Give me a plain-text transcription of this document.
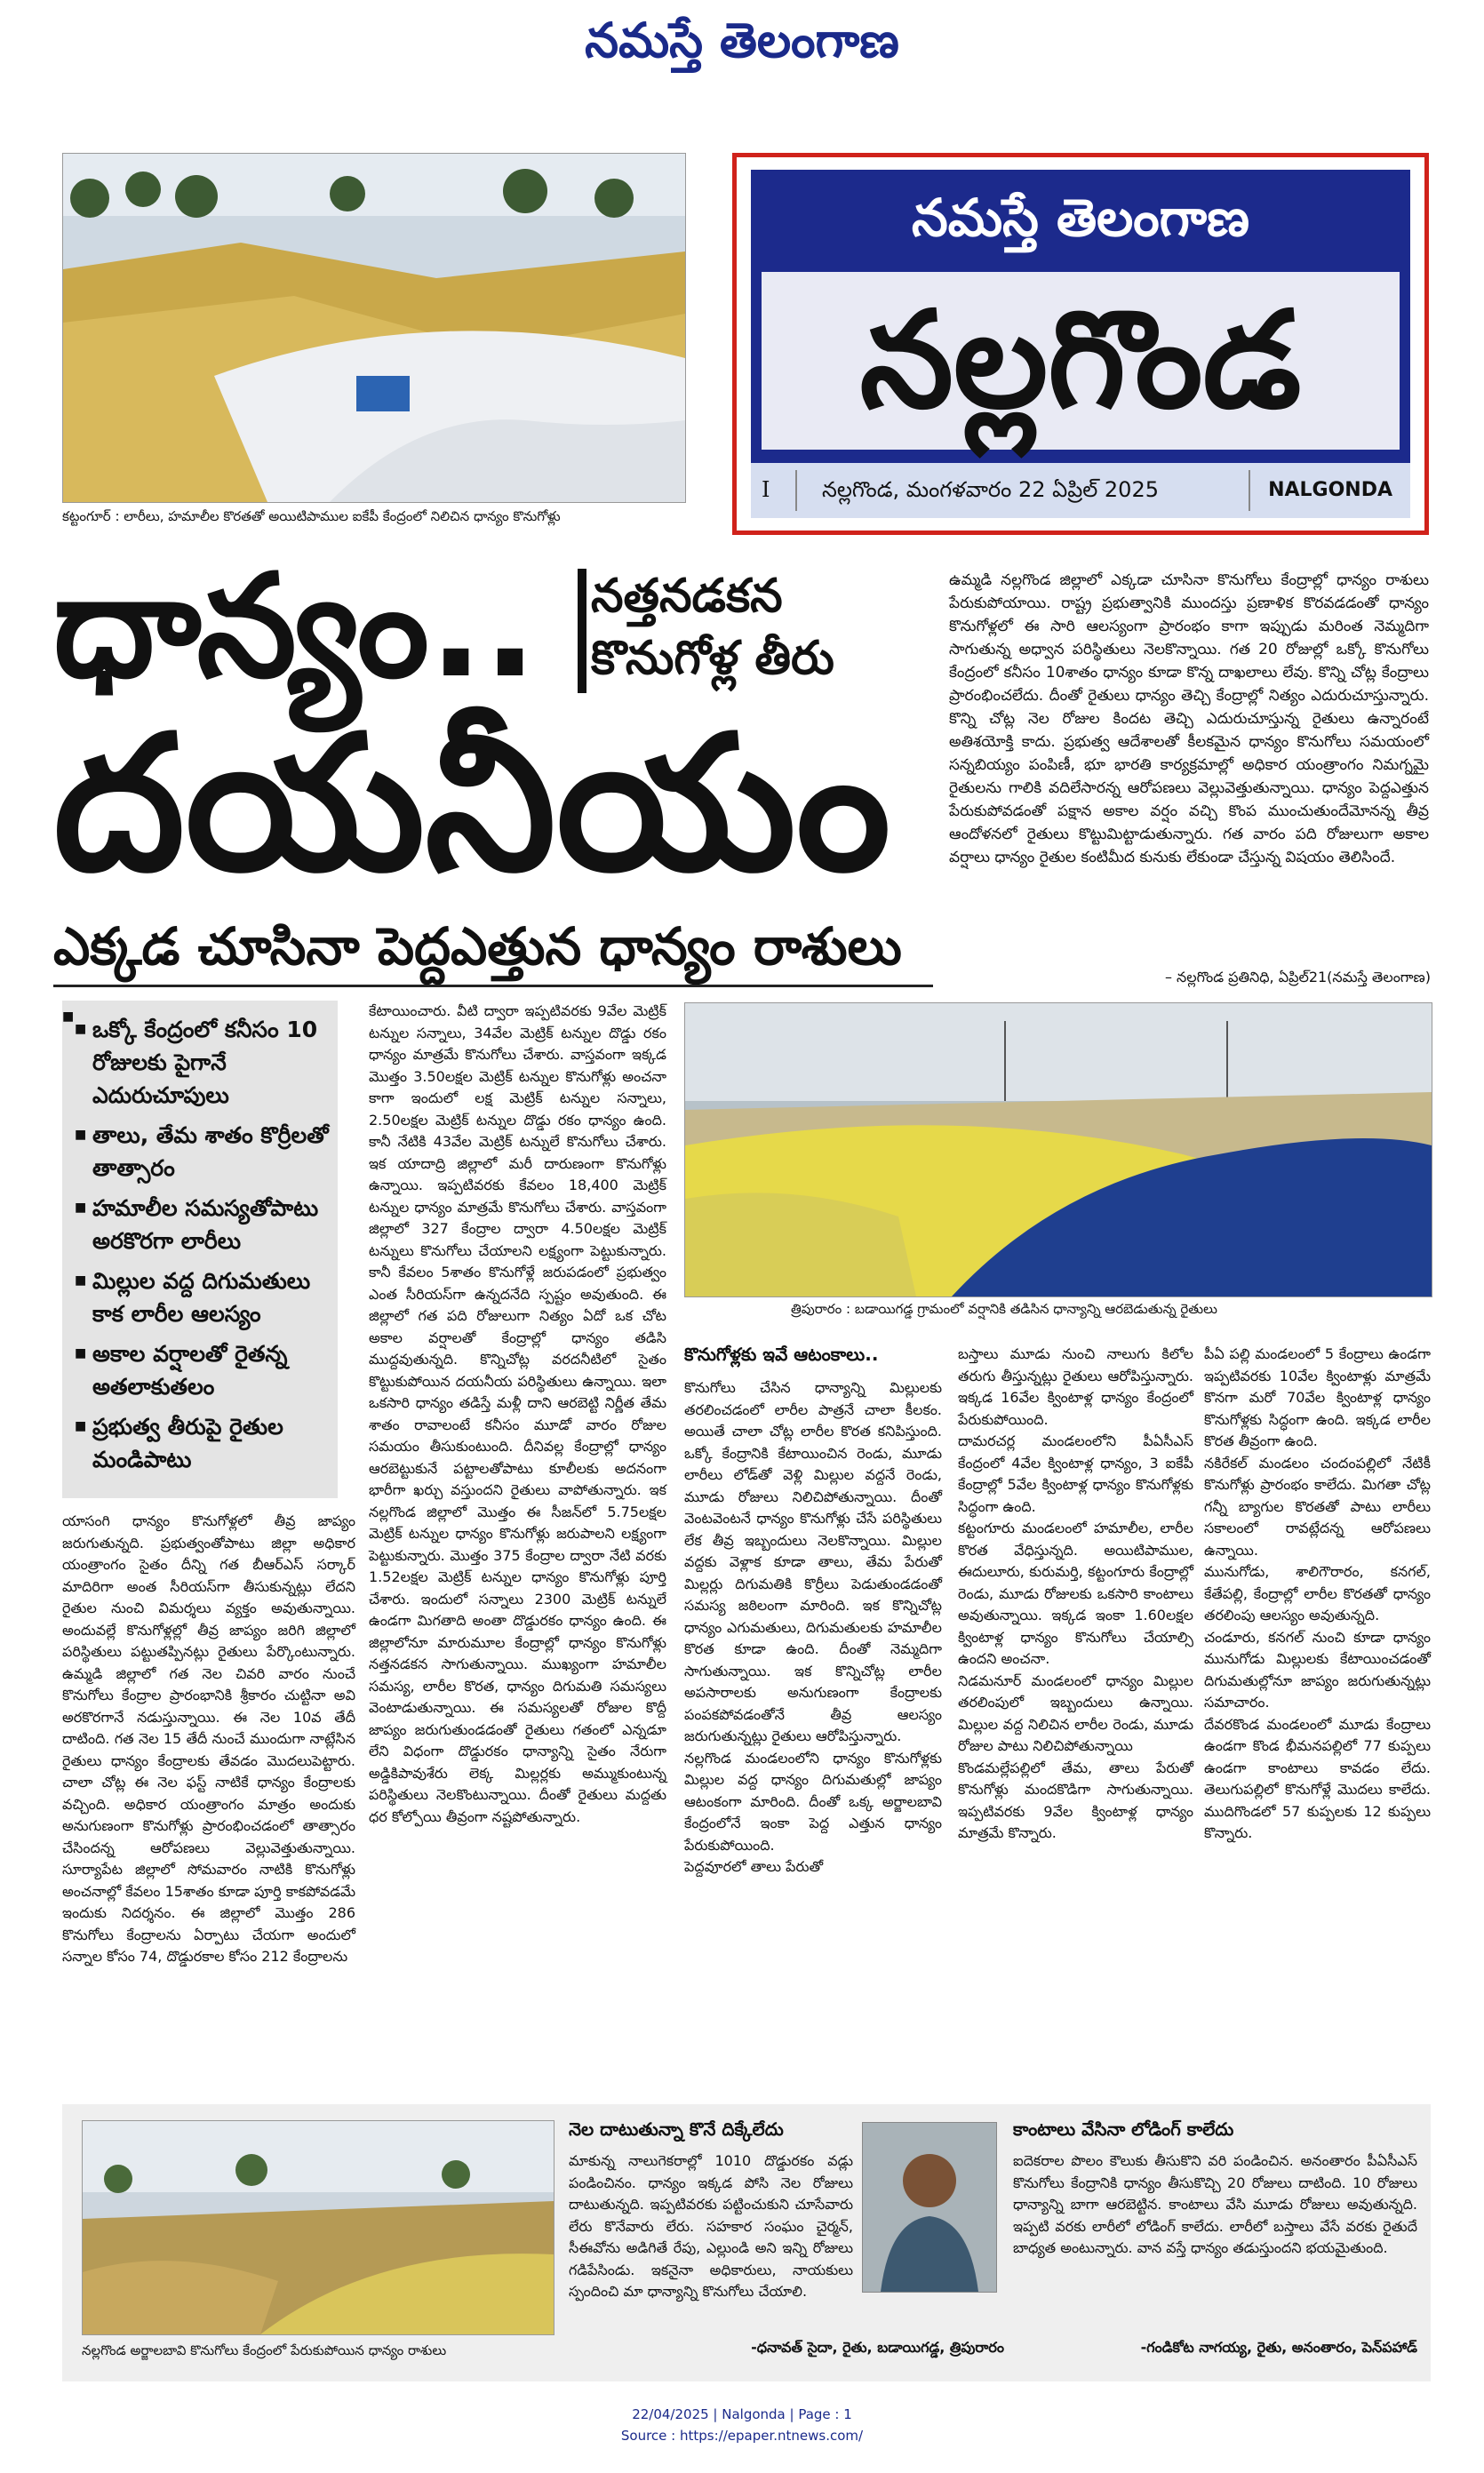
నమస్తే తెలంగాణ
కట్టంగూర్ : లారీలు, హమాలీల కొరతతో అయిటిపాముల ఐకేపీ కేంద్రంలో నిలిచిన ధాన్యం కొనుగోళ్లు
నమస్తే తెలంగాణ
నల్లగొండ
I నల్లగొండ, మంగళవారం 22 ఏప్రిల్ 2025	NALGONDA
ధాన్యం.. నత్తనడకన
కొనుగోళ్ల తీరు
దయనీయం
ఎక్కడ చూసినా పెద్దఎత్తున ధాన్యం రాశులు
ఉమ్మడి నల్లగొండ జిల్లాలో ఎక్కడా చూసినా కొనుగోలు కేంద్రాల్లో ధాన్యం రాశులు పేరుకుపోయాయి. రాష్ట్ర ప్రభుత్వానికి ముందస్తు ప్రణాళిక కొరవడడంతో ధాన్యం కొనుగోళ్లలో ఈ సారి ఆలస్యంగా ప్రారంభం కాగా ఇప్పుడు మరింత నెమ్మదిగా సాగుతున్న అధ్వాన పరిస్థితులు నెలకొన్నాయి. గత 20 రోజుల్లో ఒక్కో కొనుగోలు కేంద్రంలో కనీసం 10శాతం ధాన్యం కూడా కొన్న దాఖలాలు లేవు. కొన్ని చోట్ల కేంద్రాలు ప్రారంభించలేదు. దీంతో రైతులు ధాన్యం తెచ్చి కేంద్రాల్లో నిత్యం ఎదురుచూస్తున్నారు. కొన్ని చోట్ల నెల రోజుల కిందట తెచ్చి ఎదురుచూస్తున్న రైతులు ఉన్నారంటే అతిశయోక్తి కాదు. ప్రభుత్వ ఆదేశాలతో కీలకమైన ధాన్యం కొనుగోలు సమయంలో సన్నబియ్యం పంపిణీ, భూ భారతి కార్యక్రమాల్లో అధికార యంత్రాంగం నిమగ్నమై రైతులను గాలికి వదిలేసారన్న ఆరోపణలు వెల్లువెత్తుతున్నాయి. ధాన్యం పెద్దఎత్తున పేరుకుపోవడంతో పక్షాన అకాల వర్షం వచ్చి కొంప ముంచుతుందేమోనన్న తీవ్ర ఆందోళనలో రైతులు కొట్టుమిట్టాడుతున్నారు. గత వారం పది రోజులుగా అకాల వర్షాలు ధాన్యం రైతుల కంటిమీద కునుకు లేకుండా చేస్తున్న విషయం తెలిసిందే.
– నల్లగొండ ప్రతినిధి, ఏప్రిల్21(నమస్తే తెలంగాణ)
■
■ ఒక్కో కేంద్రంలో కనీసం 10 రోజులకు పైగానే ఎదురుచూపులు
■ తాలు, తేమ శాతం కొర్రీలతో తాత్సారం
■ హమాలీల సమస్యతోపాటు అరకొరగా లారీలు
■ మిల్లుల వద్ద దిగుమతులు కాక లారీల ఆలస్యం
■ అకాల వర్షాలతో రైతన్న అతలాకుతలం
■ ప్రభుత్వ తీరుపై రైతుల మండిపాటు
యాసంగి ధాన్యం కొనుగోళ్లలో తీవ్ర జాప్యం జరుగుతున్నది. ప్రభుత్వంతోపాటు జిల్లా అధికార యంత్రాంగం సైతం దీన్ని గత బీఆర్‌ఎస్‌ సర్కార్‌ మాదిరిగా అంత సీరియస్‌గా తీసుకున్నట్లు లేదని రైతుల నుంచి విమర్శలు వ్యక్తం అవుతున్నాయి. అందువల్లే కొనుగోళ్లల్లో తీవ్ర జాప్యం జరిగి జిల్లాలో పరిస్థితులు పట్టుతప్పినట్లు రైతులు పేర్కొంటున్నారు. ఉమ్మడి జిల్లాలో గత నెల చివరి వారం నుంచే కొనుగోలు కేంద్రాల ప్రారంభానికి శ్రీకారం చుట్టినా అవి అరకొరగానే నడుస్తున్నాయి. ఈ నెల 10వ తేదీ దాటింది. గత నెల 15 తేదీ నుంచే ముందుగా నాట్లేసిన రైతులు ధాన్యం కేంద్రాలకు తేవడం మొదలుపెట్టారు. చాలా చోట్ల ఈ నెల ఫస్ట్‌ నాటికే ధాన్యం కేంద్రాలకు వచ్చింది. అధికార యంత్రాంగం మాత్రం అందుకు అనుగుణంగా కొనుగోళ్లు ప్రారంభించడంలో తాత్సారం చేసిందన్న ఆరోపణలు వెల్లువెత్తుతున్నాయి. సూర్యాపేట జిల్లాలో సోమవారం నాటికి కొనుగోళ్లు అంచనాల్లో కేవలం 15శాతం కూడా పూర్తి కాకపోవడమే ఇందుకు నిదర్శనం. ఈ జిల్లాలో మొత్తం 286 కొనుగోలు కేంద్రాలను ఏర్పాటు చేయగా అందులో సన్నాల కోసం 74, దొడ్డురకాల కోసం 212 కేంద్రాలను
కేటాయించారు. వీటి ద్వారా ఇప్పటివరకు 9వేల మెట్రిక్‌ టన్నుల సన్నాలు, 34వేల మెట్రిక్‌ టన్నుల దొడ్డు రకం ధాన్యం మాత్రమే కొనుగోలు చేశారు. వాస్తవంగా ఇక్కడ మొత్తం 3.50లక్షల మెట్రిక్‌ టన్నుల కొనుగోళ్లు అంచనా కాగా ఇందులో లక్ష మెట్రిక్‌ టన్నుల సన్నాలు, 2.50లక్షల మెట్రిక్‌ టన్నుల దొడ్డు రకం ధాన్యం ఉంది. కానీ నేటికి 43వేల మెట్రిక్‌ టన్నులే కొనుగోలు చేశారు. ఇక యాదాద్రి జిల్లాలో మరీ దారుణంగా కొనుగోళ్లు ఉన్నాయి. ఇప్పటివరకు కేవలం 18,400 మెట్రిక్‌ టన్నుల ధాన్యం మాత్రమే కొనుగోలు చేశారు. వాస్తవంగా జిల్లాలో 327 కేంద్రాల ద్వారా 4.50లక్షల మెట్రిక్‌ టన్నులు కొనుగోలు చేయాలని లక్ష్యంగా పెట్టుకున్నారు. కానీ కేవలం 5శాతం కొనుగోళ్లే జరుపడంలో ప్రభుత్వం ఎంత సీరియస్‌గా ఉన్నదనేది స్పష్టం అవుతుంది. ఈ జిల్లాలో గత పది రోజులుగా నిత్యం ఏదో ఒక చోట అకాల వర్షాలతో కేంద్రాల్లో ధాన్యం తడిసి ముద్దవుతున్నది. కొన్నిచోట్ల వరదనీటిలో సైతం కొట్టుకుపోయిన దయనీయ పరిస్థితులు ఉన్నాయి. ఇలా ఒకసారి ధాన్యం తడిస్తే మళ్లీ దాని ఆరబెట్టి నిర్ణీత తేమ శాతం రావాలంటే కనీసం మూడో వారం రోజుల సమయం తీసుకుంటుంది. దీనివల్ల కేంద్రాల్లో ధాన్యం ఆరబెట్టుకునే పట్టాలతోపాటు కూలీలకు అదనంగా భారీగా ఖర్చు వస్తుందని రైతులు వాపోతున్నారు. ఇక నల్లగొండ జిల్లాలో మొత్తం ఈ సీజన్‌లో 5.75లక్షల మెట్రిక్‌ టన్నుల ధాన్యం కొనుగోళ్లు జరుపాలని లక్ష్యంగా పెట్టుకున్నారు. మొత్తం 375 కేంద్రాల ద్వారా నేటి వరకు 1.52లక్షల మెట్రిక్‌ టన్నుల ధాన్యం కొనుగోళ్లు పూర్తి చేశారు. ఇందులో సన్నాలు 2300 మెట్రిక్‌ టన్నులే ఉండగా మిగతాది అంతా దొడ్డురకం ధాన్యం ఉంది. ఈ జిల్లాలోనూ మారుమూల కేంద్రాల్లో ధాన్యం కొనుగోళ్లు నత్తనడకన సాగుతున్నాయి. ముఖ్యంగా హమాలీల సమస్య, లారీల కొరత, ధాన్యం దిగుమతి సమస్యలు వెంటాడుతున్నాయి. ఈ సమస్యలతో రోజుల కొద్దీ జాప్యం జరుగుతుండడంతో రైతులు గతంలో ఎన్నడూ లేని విధంగా దొడ్డురకం ధాన్యాన్ని సైతం నేరుగా అడ్డికిపావుశేరు లెక్క మిల్లర్లకు అమ్ముకుంటున్న పరిస్థితులు నెలకొంటున్నాయి. దీంతో రైతులు మద్దతు ధర కోల్పోయి తీవ్రంగా నష్టపోతున్నారు.
త్రిపురారం : బడాయిగడ్డ గ్రామంలో వర్షానికి తడిసిన ధాన్యాన్ని ఆరబెడుతున్న రైతులు
కొనుగోళ్లకు ఇవే ఆటంకాలు..
కొనుగోలు చేసిన ధాన్యాన్ని మిల్లులకు తరలించడంలో లారీల పాత్రనే చాలా కీలకం. అయితే చాలా చోట్ల లారీల కొరత కనిపిస్తుంది. ఒక్కో కేంద్రానికి కేటాయించిన రెండు, మూడు లారీలు లోడ్‌తో వెళ్లి మిల్లుల వద్దనే రెండు, మూడు రోజులు నిలిచిపోతున్నాయి. దీంతో వెంటవెంటనే ధాన్యం కొనుగోళ్లు చేసే పరిస్థితులు లేక తీవ్ర ఇబ్బందులు నెలకొన్నాయి. మిల్లుల వద్దకు వెళ్లాక కూడా తాలు, తేమ పేరుతో మిల్లర్లు దిగుమతికి కొర్రీలు పెడుతుండడంతో సమస్య జఠిలంగా మారింది. ఇక కొన్నిచోట్ల ధాన్యం ఎగుమతులు, దిగుమతులకు హమాలీల కొరత కూడా ఉంది. దీంతో నెమ్మదిగా సాగుతున్నాయి. ఇక కొన్నిచోట్ల లారీల అపసారాలకు అనుగుణంగా కేంద్రాలకు పంపకపోవడంతోనే తీవ్ర ఆలస్యం జరుగుతున్నట్లు రైతులు ఆరోపిస్తున్నారు.
నల్లగొండ మండలంలోని ధాన్యం కొనుగోళ్లకు మిల్లుల వద్ద ధాన్యం దిగుమతుల్లో జాప్యం ఆటంకంగా మారింది. దీంతో ఒక్క అర్జాలబావి కేంద్రంలోనే ఇంకా పెద్ద ఎత్తున ధాన్యం పేరుకుపోయింది.
పెద్దవూరలో తాలు పేరుతో
బస్తాలు మూడు నుంచి నాలుగు కిలోల తరుగు తీస్తున్నట్లు రైతులు ఆరోపిస్తున్నారు. ఇక్కడ 16వేల క్వింటాళ్ల ధాన్యం కేంద్రంలో పేరుకుపోయింది.
దామరచర్ల మండలంలోని పీఏసీఎస్‌ కేంద్రంలో 4వేల క్వింటాళ్ల ధాన్యం, 3 ఐకేపీ కేంద్రాల్లో 5వేల క్వింటాళ్ల ధాన్యం కొనుగోళ్లకు సిద్ధంగా ఉంది.
కట్టంగూరు మండలంలో హమాలీల, లారీల కొరత వేధిస్తున్నది. అయిటిపాముల, ఈదులూరు, కురుమర్తి, కట్టంగూరు కేంద్రాల్లో రెండు, మూడు రోజులకు ఒకసారి కాంటాలు అవుతున్నాయి. ఇక్కడ ఇంకా 1.60లక్షల క్వింటాళ్ల ధాన్యం కొనుగోలు చేయాల్సి ఉందని అంచనా.
నిడమనూర్‌ మండలంలో ధాన్యం మిల్లుల తరలింపులో ఇబ్బందులు ఉన్నాయి. మిల్లుల వద్ద నిలిచిన లారీల రెండు, మూడు రోజుల పాటు నిలిచిపోతున్నాయి
కొండమల్లేపల్లిలో తేమ, తాలు పేరుతో కొనుగోళ్లు మందకొడిగా సాగుతున్నాయి. ఇప్పటివరకు 9వేల క్వింటాళ్ల ధాన్యం మాత్రమే కొన్నారు.
పీఏ పల్లి మండలంలో 5 కేంద్రాలు ఉండగా ఇప్పటివరకు 10వేల క్వింటాళ్లు మాత్రమే కొనగా మరో 70వేల క్వింటాళ్ల ధాన్యం కొనుగోళ్లకు సిద్ధంగా ఉంది. ఇక్కడ లారీల కొరత తీవ్రంగా ఉంది.
నకిరేకల్‌ మండలం చందంపల్లిలో నేటికీ కొనుగోళ్లు ప్రారంభం కాలేదు. మిగతా చోట్ల గన్నీ బ్యాగుల కొరతతో పాటు లారీలు సకాలంలో రావట్లేదన్న ఆరోపణలు ఉన్నాయి.
మునుగోడు, శాలిగౌరారం, కనగల్‌, కేతేపల్లి, కేంద్రాల్లో లారీల కొరతతో ధాన్యం తరలింపు ఆలస్యం అవుతున్నది.
చండూరు, కనగల్‌ నుంచి కూడా ధాన్యం మునుగోడు మిల్లులకు కేటాయించడంతో దిగుమతుల్లోనూ జాప్యం జరుగుతున్నట్లు సమాచారం.
దేవరకొండ మండలంలో మూడు కేంద్రాలు ఉండగా కొండ భీమనపల్లిలో 77 కుప్పలు ఉండగా కాంటాలు కావడం లేదు. తెలుగుపల్లిలో కొనుగోళ్లే మొదలు కాలేదు. ముదిగొండలో 57 కుప్పలకు 12 కుప్పలు కొన్నారు.
నల్లగొండ అర్జాలబావి కొనుగోలు కేంద్రంలో పేరుకుపోయిన ధాన్యం రాశులు
నెల దాటుతున్నా కొనే దిక్కేలేదు
మాకున్న నాలుగెకరాల్లో 1010 దొడ్డురకం వడ్లు పండించినం. ధాన్యం ఇక్కడ పోసి నెల రోజులు దాటుతున్నది. ఇప్పటివరకు పట్టించుకుని చూసేవారు లేరు కొనేవారు లేరు. సహకార సంఘం చైర్మన్‌, సీఈవోను అడిగితే రేపు, ఎల్లుండి అని ఇన్ని రోజులు గడిపేసిండు. ఇకనైనా అధికారులు, నాయకులు స్పందించి మా ధాన్యాన్ని కొనుగోలు చేయాలి.
-ధనావత్‌ సైదా, రైతు, బడాయిగడ్డ, త్రిపురారం
కాంటాలు వేసినా లోడింగ్‌ కాలేదు
ఐదెకరాల పొలం కౌలుకు తీసుకొని వరి పండించిన. అనంతారం పీఏసీఎస్‌ కొనుగోలు కేంద్రానికి ధాన్యం తీసుకొచ్చి 20 రోజులు దాటింది. 10 రోజులు ధాన్యాన్ని బాగా ఆరబెట్టిన. కాంటాలు వేసి మూడు రోజులు అవుతున్నది. ఇప్పటి వరకు లారీలో లోడింగ్‌ కాలేదు. లారీలో బస్తాలు వేసే వరకు రైతుదే బాధ్యత అంటున్నారు. వాన వస్తే ధాన్యం తడుస్తుందని భయమైతుంది.
-గండికోట నాగయ్య, రైతు, అనంతారం, పెన్‌పహాడ్‌
22/04/2025 | Nalgonda | Page : 1
Source : https://epaper.ntnews.com/
